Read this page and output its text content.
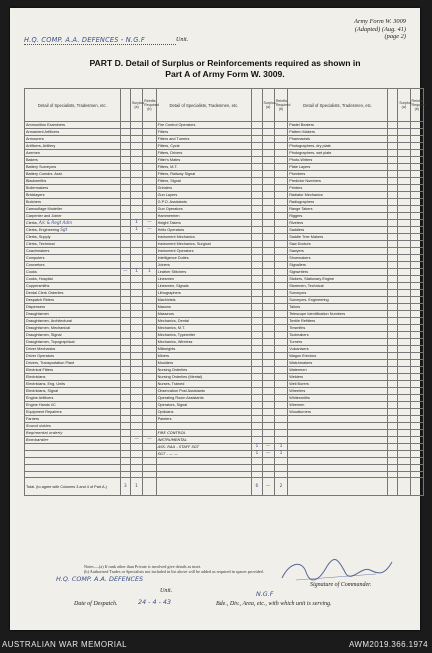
Army Form W. 3009
(Adapted) (Aug. 41)
(page 2)
H.Q. COMP. A.A. DEFENCES - N.G.F	Unit.
PART D. Detail of Surplus or Reinforcements required as shown in
Part A of Army Form W. 3009.
Detail of Specialists, Tradesmen, etc.		Surplus (a)	Reinfts. Required (b)	Detail of Specialists, Tradesmen, etc.		Surplus (a)	Reinfts. Required (b)	Detail of Specialists, Tradesmen, etc.		Surplus (a)	Reinfts. Required (b)
Ammunition Examiners				Fire Control Operators				Pastel Beaters			
Armament Artificers				Fitters				Pattern Makers			
Armourers				Fitters and Turners				Pharmacists			
Artificers, Artillery				Fitters, Cycle				Photographers, dry plate			
Axemen				Fitters, Drivers				Photographers, wet plate			
Bakers				Fitter's Mates				Photo-Writers			
Battery Surveyors				Fitters, M.T.				Plate Layers			
Battery Comdrs. Asst.				Fitters, Railway Signal				Plumbers			
Blacksmiths				Fitters, Signal				Predictor Numbers			
Boilermakers				Grinders				Printers			
Bricklayers				Gun Layers				Radiator Mechanics			
Butchers				G.P.O. Assistants				Radiographers			
Camouflage Modeller				Gun Operators				Range Takers			
Carpenter and Joiner				Hammermen				Riggers			
Clerks, A/c & Regt Adm		1	—	Height Takers				Riveters			
Clerks, Engineering Sgt		1	—	Helio Operators				Saddlers			
Clerks, Supply				Instrument Mechanics				Saddle Tree Makers			
Clerks, Technical				Instrument Mechanics, Surgical				Saw Doctors			
Coachmakers				Instrument Operators				Sawyers			
Computers				Intelligence Duties				Shoemakers			
Concretors				Joiners				Signallers			
Cooks	—	1	1	Leather Stitchers				Signwriters			
Cooks, Hospital				Linesmen				Stokers, Stationary Engine			
Coppersmiths				Linesmen, Signals				Storemen, Technical			
Dental Clerk Orderlies				Lithographers				Surveyors			
Despatch Riders				Machinists				Surveyors, Engineering			
Dispensers				Masons				Tailors			
Draughtsmen				Masseurs				Telescope Identification Numbers			
Draughtsmen, Architectural				Mechanics, Dental				Textile Refitters			
Draughtsmen, Mechanical				Mechanics, M.T.				Tinsmiths			
Draughtsmen, Signal				Mechanics, Typewriter				Toolmakers			
Draughtsmen, Topographical				Mechanics, Wireless				Turners			
Driver Mechanics				Millwrights				Vulcanisers			
Driver Operators				Miners				Wagon Erectors			
Drivers, Transportation Plant				Moulders				Watchmakers			
Electrical Fitters				Nursing Orderlies				Watermen			
Electricians				Nursing Orderlies (Mental)				Welders			
Electricians, Eng. Units				Nurses, Trained				Well Borers			
Electricians, Signal				Observation Post Assistants				Wheelers			
Engine Artificers				Operating Room Assistants				Whitesmiths			
Engine Hands I/C				Operators, Signal				Wiremen			
Equipment Repairers				Opticians				Woodturners			
Farriers				Painters							
Sound duties											
Regimental orderly				FIRE CONTROL							
Bombardier		—	—	INSTRUMENTAL							
				ASS. RAA - STAFF SGT	1	—	1				
				SGT - — —	1	—	1				

Total. (to agree with Columns 3 and 4 of Part A.)	3	1			6	—	2				
Notes.—(a) If rank other than Private is involved give details as inset.
(b) Authorised Trades or Specialists not included in list above will be added as required in spaces provided.
H.Q. COMP. A.A. DEFENCES
Unit.
Signature of Commander.
N.G.F
Date of Despatch.	24 - 4 - 43	Bde., Div., Area, etc., with which unit is serving.
AUSTRALIAN WAR MEMORIAL	AWM2019.366.1974
